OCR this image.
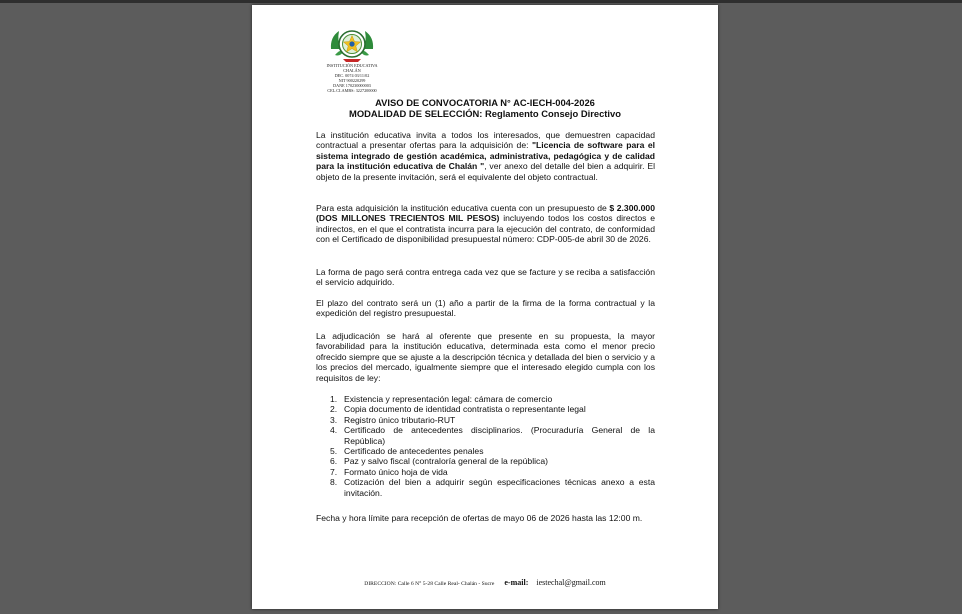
INSTITUCIÓN EDUCATIVA
CHALÁN
DEC. 0074 03/11/02
NIT 900220299
DANE 170230000003
CEL.CLAMBS: 3227200000
AVISO DE CONVOCATORIA N° AC-IECH-004-2026
MODALIDAD DE SELECCIÓN: Reglamento Consejo Directivo
La institución educativa invita a todos los interesados, que demuestren capacidad contractual a presentar ofertas para la adquisición de: "Licencia de software para el sistema integrado de gestión académica, administrativa, pedagógica y de calidad para la institución educativa de Chalán ", ver anexo del detalle del bien a adquirir. El objeto de la presente invitación, será el equivalente del objeto contractual.
Para esta adquisición la institución educativa cuenta con un presupuesto de $ 2.300.000 (DOS MILLONES TRECIENTOS MIL PESOS) incluyendo todos los costos directos e indirectos, en el que el contratista incurra para la ejecución del contrato, de conformidad con el Certificado de disponibilidad presupuestal número: CDP-005-de abril 30 de 2026.
La forma de pago será contra entrega cada vez que se facture y se reciba a satisfacción el servicio adquirido.
El plazo del contrato será un (1) año a partir de la firma de la forma contractual y la expedición del registro presupuestal.
La adjudicación se hará al oferente que presente en su propuesta, la mayor favorabilidad para la institución educativa, determinada esta como el menor precio ofrecido siempre que se ajuste a la descripción técnica y detallada del bien o servicio y a los precios del mercado, igualmente siempre que el interesado elegido cumpla con los requisitos de ley:
1. Existencia y representación legal: cámara de comercio
2. Copia documento de identidad contratista o representante legal
3. Registro único tributario-RUT
4. Certificado de antecedentes disciplinarios. (Procuraduría General de la República)
5. Certificado de antecedentes penales
6. Paz y salvo fiscal (contraloría general de la república)
7. Formato único hoja de vida
8. Cotización del bien a adquirir según especificaciones técnicas anexo a esta invitación.
Fecha y hora límite para recepción de ofertas de mayo 06 de 2026 hasta las 12:00 m.
DIRECCION: Calle 6 N° 5-28 Calle Real- Chalán - Sucre e-mail: iestechal@gmail.com
